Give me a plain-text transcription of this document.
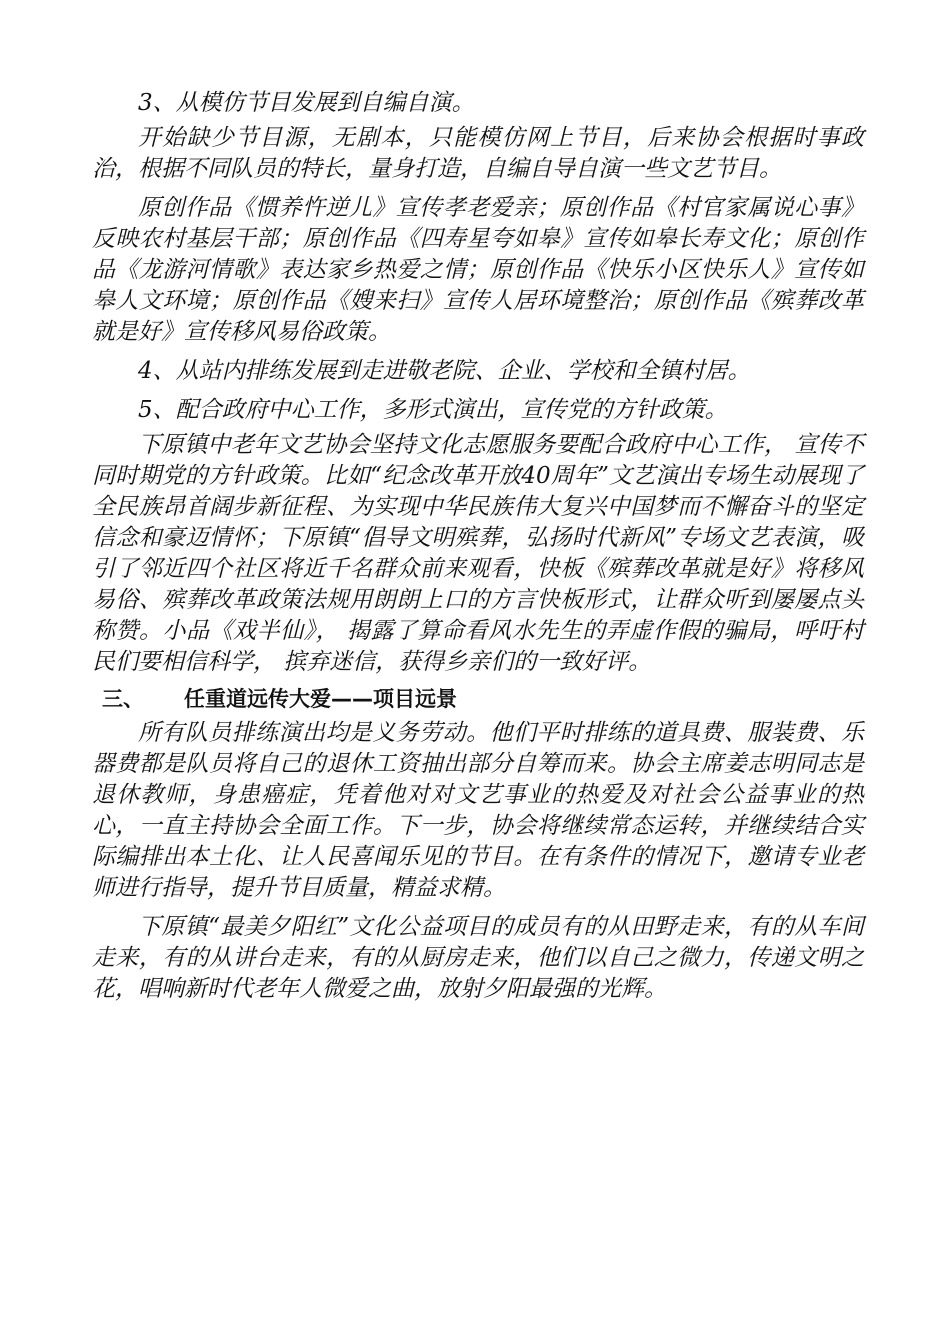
3、从模仿节目发展到自编自演。

开始缺少节目源，无剧本，只能模仿网上节目，后来协会根据时事政治，根据不同队员的特长，量身打造，自编自导自演一些文艺节目。

原创作品《惯养忤逆儿》宣传孝老爱亲；原创作品《村官家属说心事》反映农村基层干部；原创作品《四寿星夸如皋》宣传如皋长寿文化；原创作品《龙游河情歌》表达家乡热爱之情；原创作品《快乐小区快乐人》宣传如皋人文环境；原创作品《嫂来扫》宣传人居环境整治；原创作品《殡葬改革就是好》宣传移风易俗政策。

4、从站内排练发展到走进敬老院、企业、学校和全镇村居。

5、配合政府中心工作，多形式演出，宣传党的方针政策。

下原镇中老年文艺协会坚持文化志愿服务要配合政府中心工作， 宣传不同时期党的方针政策。比如“纪念改革开放40周年”文艺演出专场生动展现了全民族昂首阔步新征程、为实现中华民族伟大复兴中国梦而不懈奋斗的坚定信念和豪迈情怀；下原镇“倡导文明殡葬，弘扬时代新风”专场文艺表演，吸引了邻近四个社区将近千名群众前来观看，快板《殡葬改革就是好》将移风易俗、殡葬改革政策法规用朗朗上口的方言快板形式，让群众听到屡屡点头称赞。小品《戏半仙》， 揭露了算命看风水先生的弄虚作假的骗局，呼吁村民们要相信科学， 摈弃迷信，获得乡亲们的一致好评。

三、 任重道远传大爱——项目远景

所有队员排练演出均是义务劳动。他们平时排练的道具费、服装费、乐器费都是队员将自己的退休工资抽出部分自筹而来。协会主席姜志明同志是退休教师，身患癌症，凭着他对对文艺事业的热爱及对社会公益事业的热心，一直主持协会全面工作。下一步，协会将继续常态运转，并继续结合实际编排出本土化、让人民喜闻乐见的节目。在有条件的情况下，邀请专业老师进行指导，提升节目质量，精益求精。

下原镇“最美夕阳红”文化公益项目的成员有的从田野走来，有的从车间走来，有的从讲台走来，有的从厨房走来，他们以自己之微力，传递文明之花，唱响新时代老年人微爱之曲，放射夕阳最强的光辉。
